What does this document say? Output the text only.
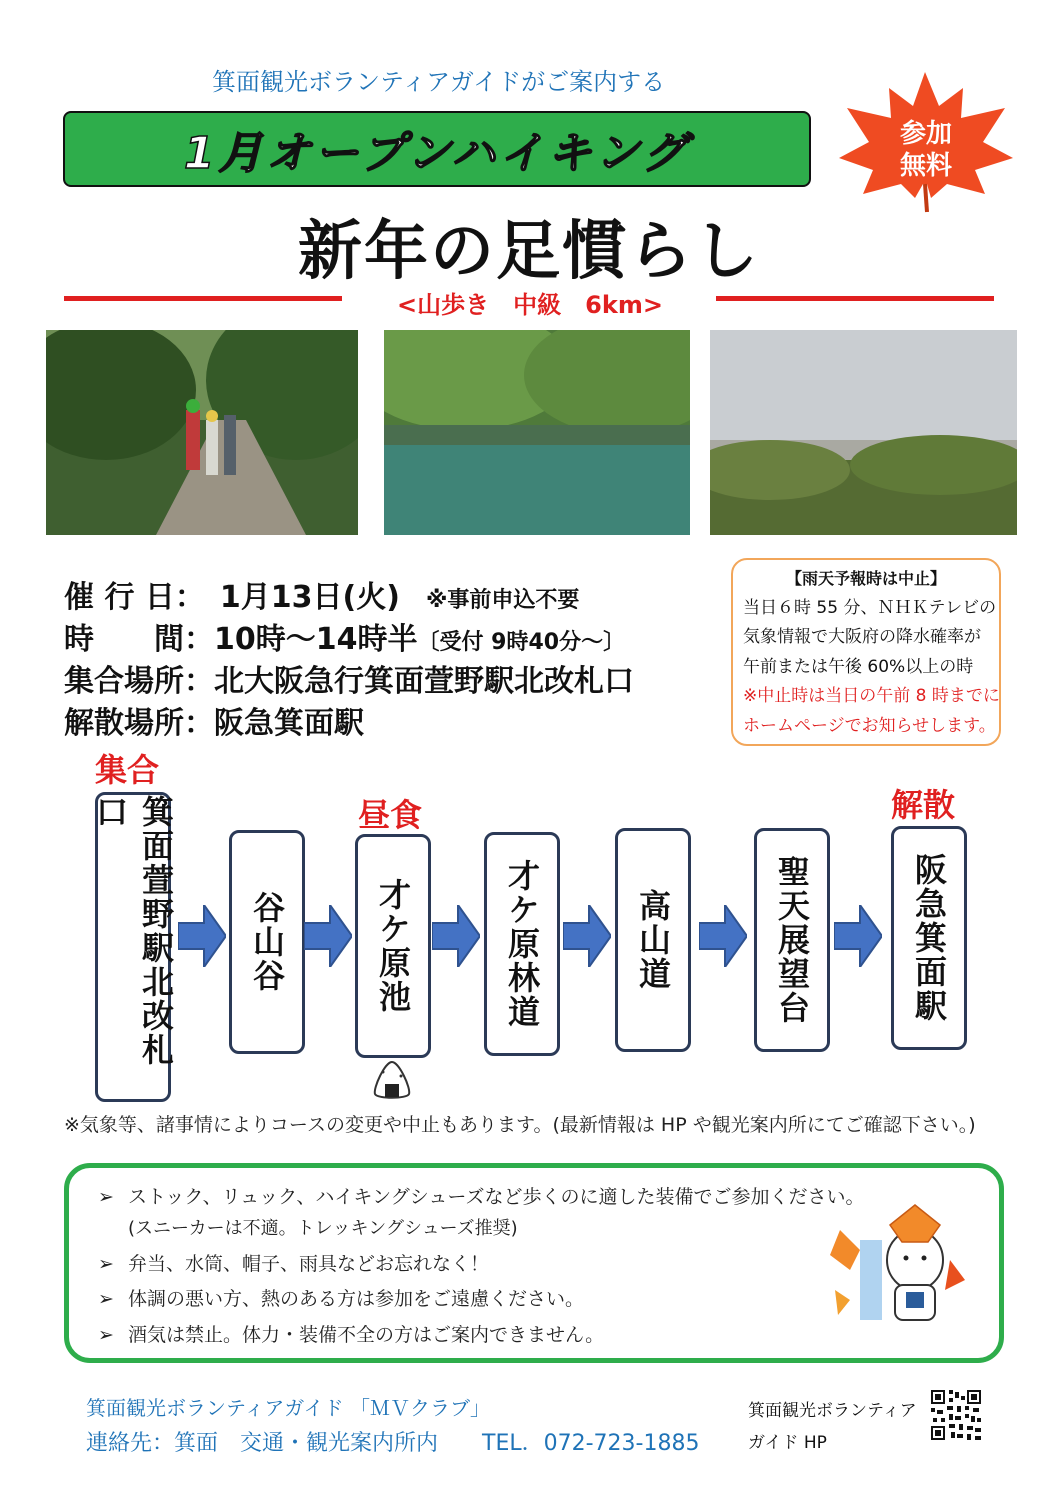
箕面観光ボランティアガイドがご案内する
1月オープンハイキング	参加
無料
新年の足慣らし
<山歩き　中級　6km>
催 行 日：　1月13日(火) ※事前申込不要
時　　間：10時～14時半〔受付 9時40分～〕
集合場所：北大阪急行箕面萱野駅北改札口
解散場所：阪急箕面駅
【雨天予報時は中止】
当日６時 55 分、ＮＨＫテレビの
気象情報で大阪府の降水確率が
午前または午後 60%以上の時
※中止時は当日の午前 8 時までに
ホームページでお知らせします。
集合
昼食	解散
箕面萱野駅北改札口
谷山谷	才ケ原池	才ケ原林道	高山道	聖天展望台	阪急箕面駅
※気象等、諸事情によりコースの変更や中止もあります。(最新情報は HP や観光案内所にてご確認下さい。)
➢ ストック、リュック、ハイキングシューズなど歩くのに適した装備でご参加ください。
(スニーカーは不適。トレッキングシューズ推奨)
➢ 弁当、水筒、帽子、雨具などお忘れなく！
➢ 体調の悪い方、熱のある方は参加をご遠慮ください。
➢ 酒気は禁止。体力・装備不全の方はご案内できません。
箕面観光ボランティアガイド 「ＭＶクラブ」
連絡先：箕面　交通・観光案内所内　　TEL．072-723-1885
箕面観光ボランティア
ガイド HP
